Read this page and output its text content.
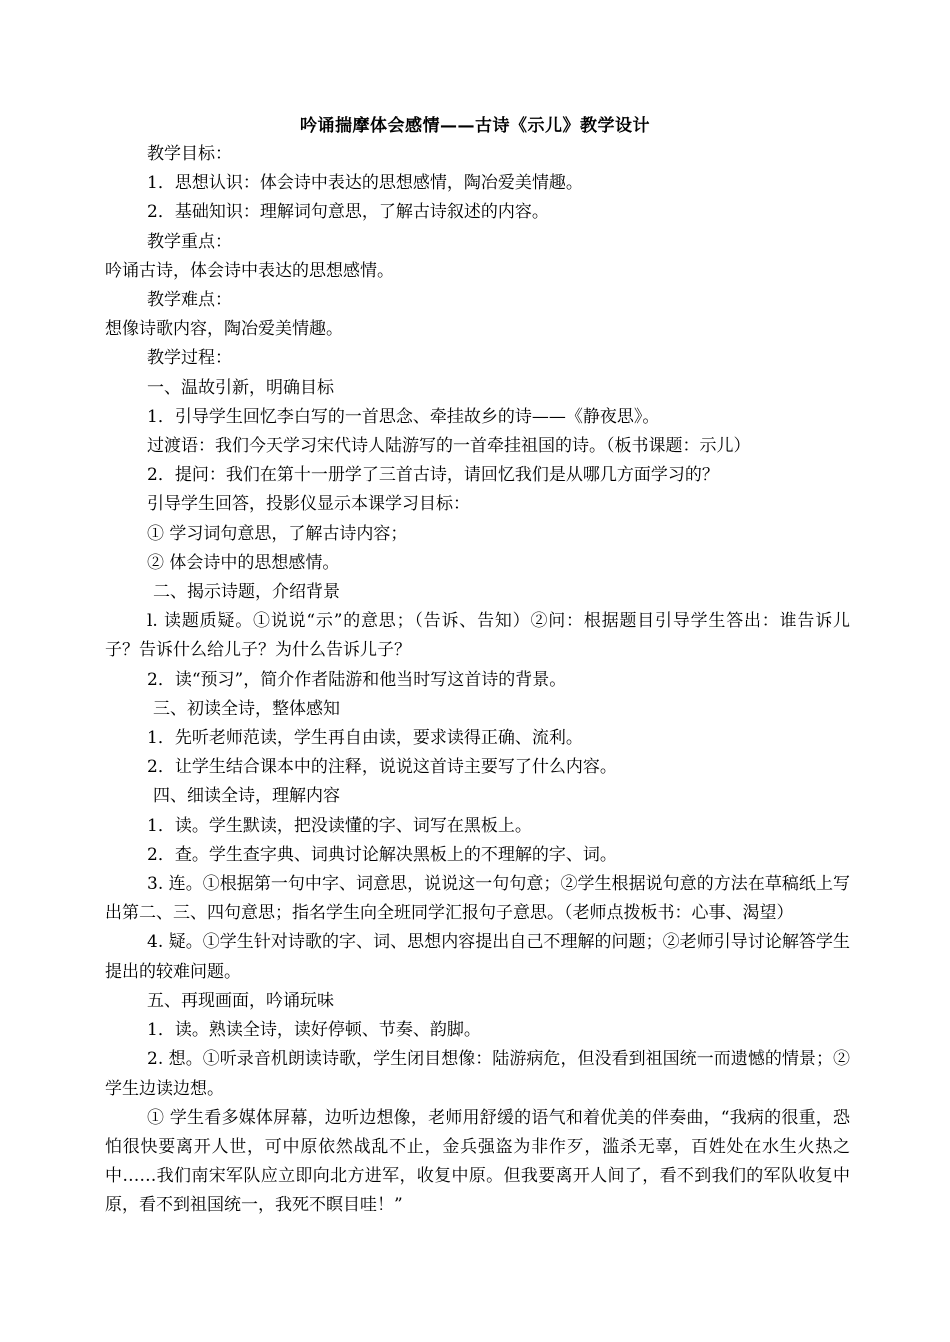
吟诵揣摩体会感情——古诗《示儿》教学设计

教学目标：

1．思想认识：体会诗中表达的思想感情，陶冶爱美情趣。

2．基础知识：理解词句意思，了解古诗叙述的内容。

教学重点：

吟诵古诗，体会诗中表达的思想感情。

教学难点：

想像诗歌内容，陶冶爱美情趣。

教学过程：

一、温故引新，明确目标

1．引导学生回忆李白写的一首思念、牵挂故乡的诗——《静夜思》。

过渡语：我们今天学习宋代诗人陆游写的一首牵挂祖国的诗。（板书课题：示儿）

2．提问：我们在第十一册学了三首古诗，请回忆我们是从哪几方面学习的？

引导学生回答，投影仪显示本课学习目标：

① 学习词句意思，了解古诗内容；

② 体会诗中的思想感情。

二、揭示诗题，介绍背景

l. 读题质疑。①说说“示”的意思；（告诉、告知）②问：根据题目引导学生答出：谁告诉儿子？告诉什么给儿子？为什么告诉儿子？

2．读“预习”，简介作者陆游和他当时写这首诗的背景。

三、初读全诗，整体感知

1．先听老师范读，学生再自由读，要求读得正确、流利。

2．让学生结合课本中的注释，说说这首诗主要写了什么内容。

四、细读全诗，理解内容

1．读。学生默读，把没读懂的字、词写在黑板上。

2．查。学生查字典、词典讨论解决黑板上的不理解的字、词。

3. 连。①根据第一句中字、词意思，说说这一句句意；②学生根据说句意的方法在草稿纸上写出第二、三、四句意思；指名学生向全班同学汇报句子意思。（老师点拨板书：心事、渴望）

4. 疑。①学生针对诗歌的字、词、思想内容提出自己不理解的问题；②老师引导讨论解答学生提出的较难问题。

五、再现画面，吟诵玩味

1．读。熟读全诗，读好停顿、节奏、韵脚。

2. 想。①听录音机朗读诗歌，学生闭目想像：陆游病危，但没看到祖国统一而遗憾的情景；②学生边读边想。

① 学生看多媒体屏幕，边听边想像，老师用舒缓的语气和着优美的伴奏曲，“我病的很重，恐怕很快要离开人世，可中原依然战乱不止，金兵强盗为非作歹，滥杀无辜，百姓处在水生火热之中……我们南宋军队应立即向北方进军，收复中原。但我要离开人间了，看不到我们的军队收复中原，看不到祖国统一，我死不瞑目哇！”
